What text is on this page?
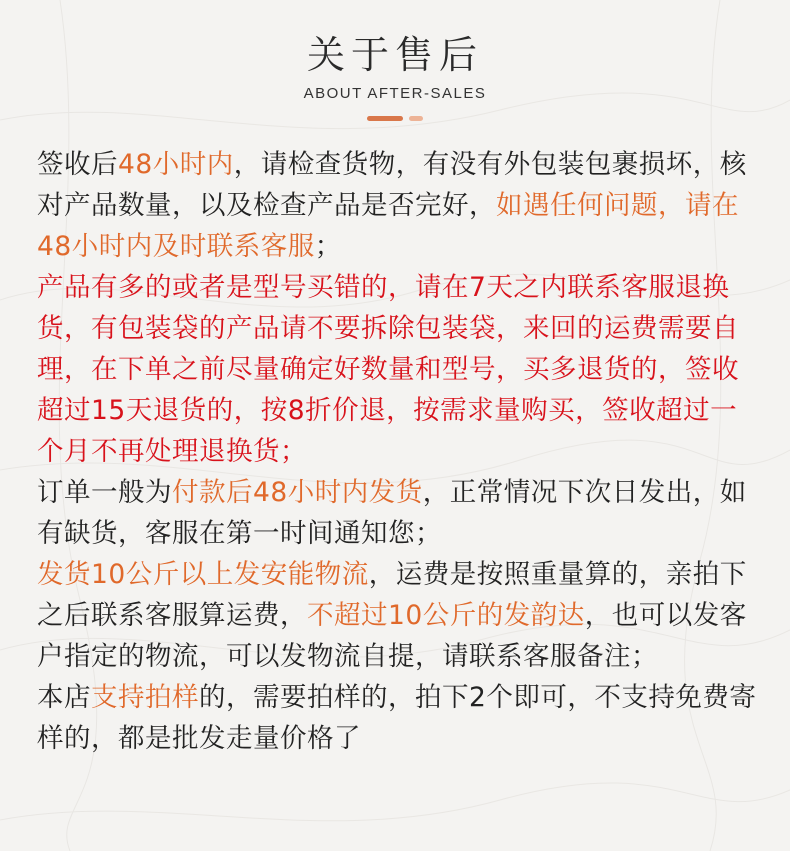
关于售后
ABOUT AFTER-SALES

签收后48小时内，请检查货物，有没有外包装包裹损坏，核对产品数量，以及检查产品是否完好，如遇任何问题，请在48小时内及时联系客服；

产品有多的或者是型号买错的，请在7天之内联系客服退换货，有包装袋的产品请不要拆除包装袋，来回的运费需要自理，在下单之前尽量确定好数量和型号，买多退货的，签收超过15天退货的，按8折价退，按需求量购买，签收超过一个月不再处理退换货；

订单一般为付款后48小时内发货，正常情况下次日发出，如有缺货，客服在第一时间通知您；

发货10公斤以上发安能物流，运费是按照重量算的，亲拍下之后联系客服算运费，不超过10公斤的发韵达，也可以发客户指定的物流，可以发物流自提，请联系客服备注；

本店支持拍样的，需要拍样的，拍下2个即可，不支持免费寄样的，都是批发走量价格了
